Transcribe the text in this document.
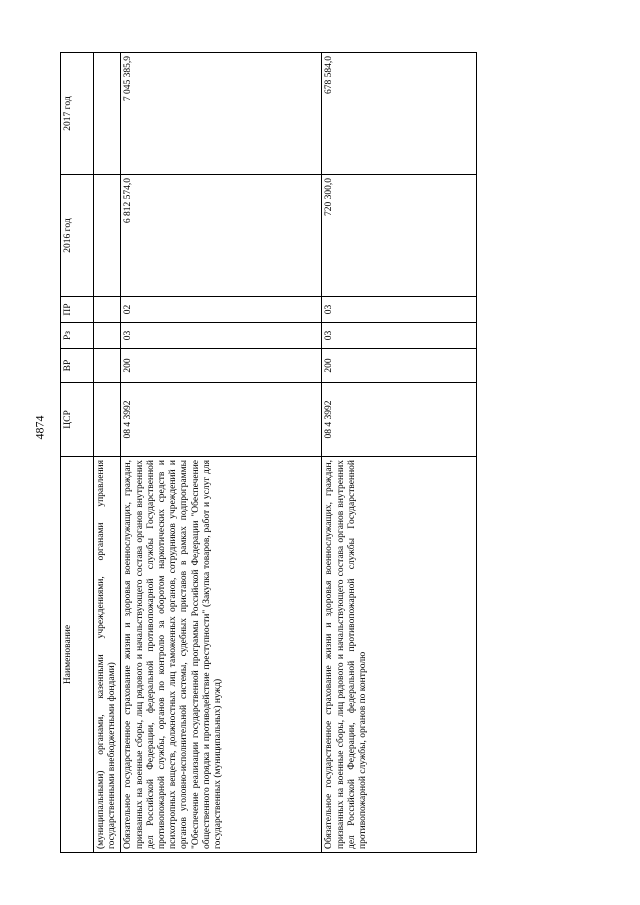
4874
Наименование	ЦСР	ВР	Рз	ПР	2016 год	2017 год
(муниципальными) органами, казенными учреждениями, органами управления государственными внебюджетными фондами)						
Обязательное государственное страхование жизни и здоровья военнослужащих, граждан, призванных на военные сборы, лиц рядового и начальствующего состава органов внутренних дел Российской Федерации, федеральной противопожарной службы Государственной противопожарной службы, органов по контролю за оборотом наркотических средств и психотропных веществ, должностных лиц таможенных органов, сотрудников учреждений и органов уголовно-исполнительной системы, судебных приставов в рамках подпрограммы "Обеспечение реализации государственной программы Российской Федерации "Обеспечение общественного порядка и противодействие преступности" (Закупка товаров, работ и услуг для государственных (муниципальных) нужд)	08 4 3992	200	03	02	6 812 574,0	7 045 385,9
Обязательное государственное страхование жизни и здоровья военнослужащих, граждан, призванных на военные сборы, лиц рядового и начальствующего состава органов внутренних дел Российской Федерации, федеральной противопожарной службы Государственной противопожарной службы, органов по контролю	08 4 3992	200	03	03	720 300,0	678 584,0
